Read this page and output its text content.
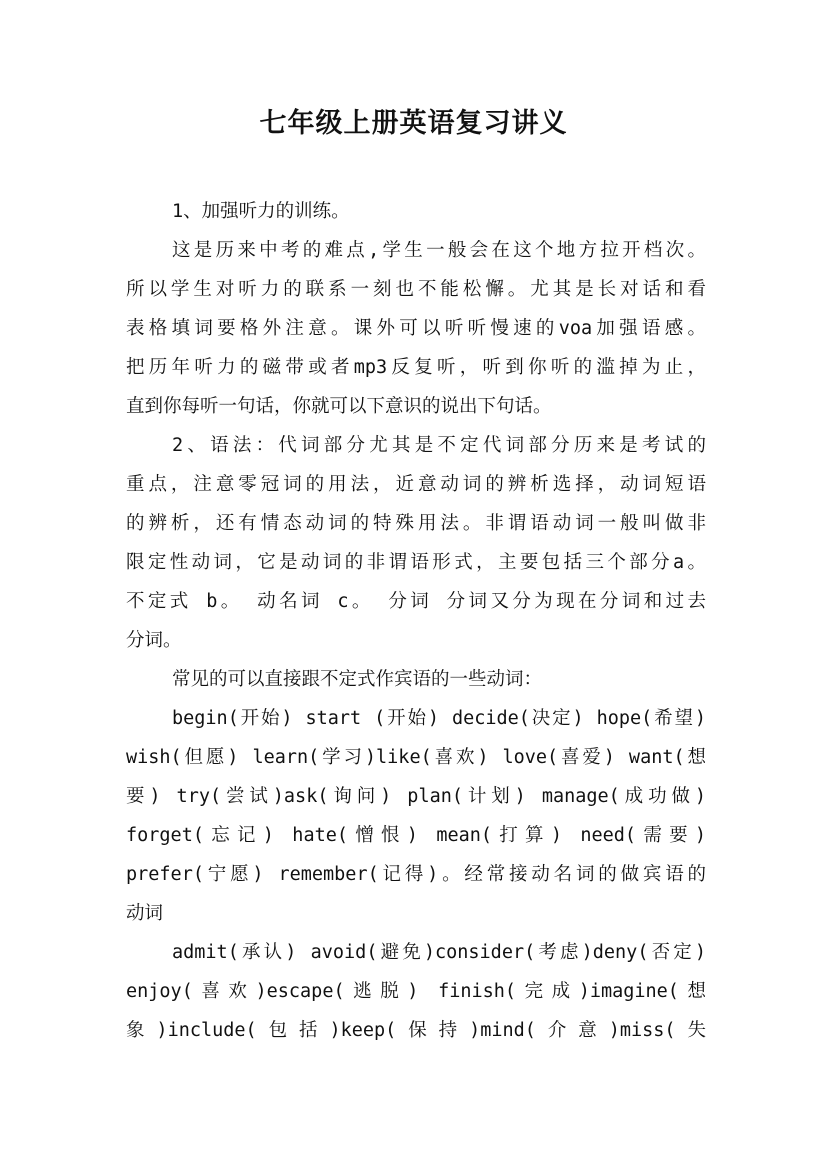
七年级上册英语复习讲义
1、加强听力的训练。
这是历来中考的难点,学生一般会在这个地方拉开档次。
所以学生对听力的联系一刻也不能松懈。尤其是长对话和看
表格填词要格外注意。课外可以听听慢速的voa加强语感。
把历年听力的磁带或者mp3反复听，听到你听的滥掉为止，
直到你每听一句话，你就可以下意识的说出下句话。
2、语法：代词部分尤其是不定代词部分历来是考试的
重点，注意零冠词的用法，近意动词的辨析选择，动词短语
的辨析，还有情态动词的特殊用法。非谓语动词一般叫做非
限定性动词，它是动词的非谓语形式，主要包括三个部分a。
不定式 b。 动名词 c。 分词 分词又分为现在分词和过去
分词。
常见的可以直接跟不定式作宾语的一些动词：
begin(开始) start (开始) decide(决定) hope(希望)
wish(但愿) learn(学习)like(喜欢) love(喜爱) want(想
要) try(尝试)ask(询问) plan(计划) manage(成功做)
forget(忘记) hate(憎恨) mean(打算) need(需要)
prefer(宁愿) remember(记得)。经常接动名词的做宾语的
动词
admit(承认) avoid(避免)consider(考虑)deny(否定)
enjoy(喜欢)escape(逃脱) finish(完成)imagine(想
象)include(包括)keep(保持)mind(介意)miss(失
